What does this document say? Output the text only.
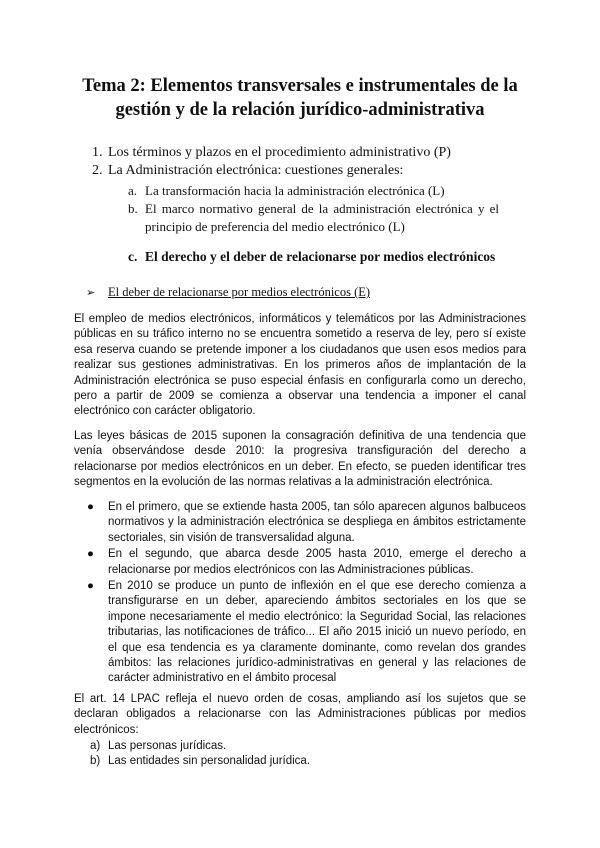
Tema 2: Elementos transversales e instrumentales de la gestión y de la relación jurídico-administrativa
1. Los términos y plazos en el procedimiento administrativo (P)
2. La Administración electrónica: cuestiones generales:
a. La transformación hacia la administración electrónica (L)
b. El marco normativo general de la administración electrónica y el
principio de preferencia del medio electrónico (L)
c. El derecho y el deber de relacionarse por medios electrónicos
➢ El deber de relacionarse por medios electrónicos (E)

El empleo de medios electrónicos, informáticos y telemáticos por las Administraciones públicas en su tráfico interno no se encuentra sometido a reserva de ley, pero sí existe esa reserva cuando se pretende imponer a los ciudadanos que usen esos medios para realizar sus gestiones administrativas. En los primeros años de implantación de la Administración electrónica se puso especial énfasis en configurarla como un derecho, pero a partir de 2009 se comienza a observar una tendencia a imponer el canal electrónico con carácter obligatorio.

Las leyes básicas de 2015 suponen la consagración definitiva de una tendencia que venía observándose desde 2010: la progresiva transfiguración del derecho a relacionarse por medios electrónicos en un deber. En efecto, se pueden identificar tres segmentos en la evolución de las normas relativas a la administración electrónica.

● En el primero, que se extiende hasta 2005, tan sólo aparecen algunos balbuceos normativos y la administración electrónica se despliega en ámbitos estrictamente sectoriales, sin visión de transversalidad alguna.
● En el segundo, que abarca desde 2005 hasta 2010, emerge el derecho a relacionarse por medios electrónicos con las Administraciones públicas.
● En 2010 se produce un punto de inflexión en el que ese derecho comienza a transfigurarse en un deber, apareciendo ámbitos sectoriales en los que se impone necesariamente el medio electrónico: la Seguridad Social, las relaciones tributarias, las notificaciones de tráfico... El año 2015 inició un nuevo período, en el que esa tendencia es ya claramente dominante, como revelan dos grandes ámbitos: las relaciones jurídico-administrativas en general y las relaciones de carácter administrativo en el ámbito procesal

El art. 14 LPAC refleja el nuevo orden de cosas, ampliando así los sujetos que se declaran obligados a relacionarse con las Administraciones públicas por medios electrónicos:

a) Las personas jurídicas.
b) Las entidades sin personalidad jurídica.
